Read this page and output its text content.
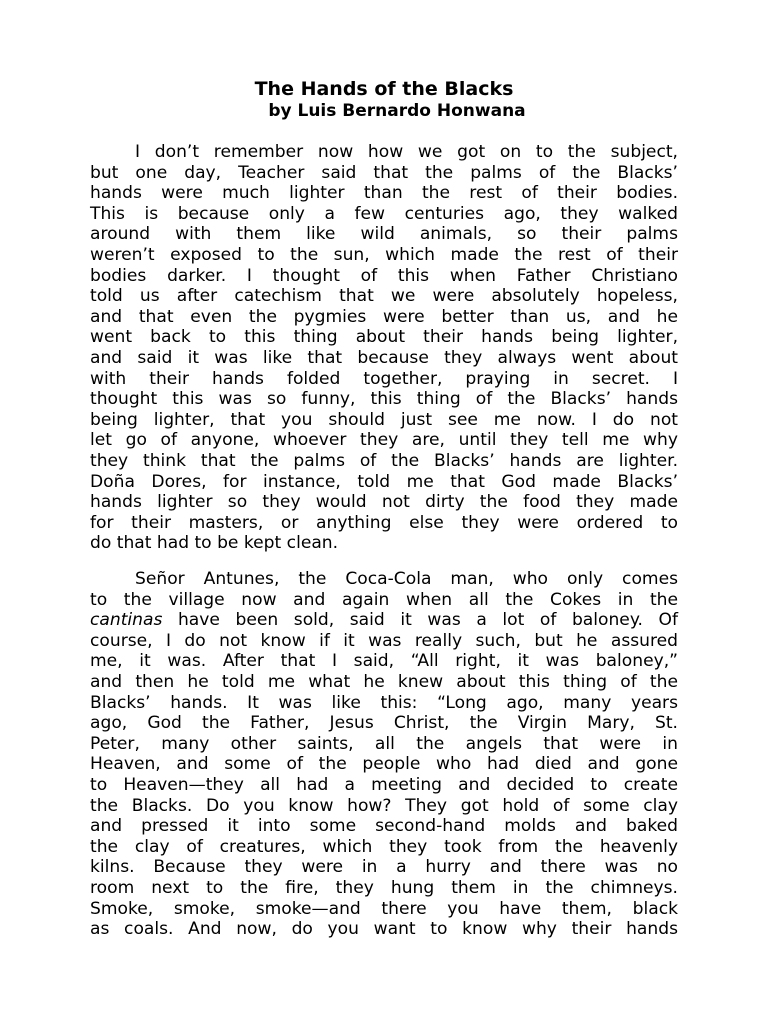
The Hands of the Blacks
by Luis Bernardo Honwana
I don’t remember now how we got on to the subject,
but one day, Teacher said that the palms of the Blacks’
hands were much lighter than the rest of their bodies.
This is because only a few centuries ago, they walked
around with them like wild animals, so their palms
weren’t exposed to the sun, which made the rest of their
bodies darker. I thought of this when Father Christiano
told us after catechism that we were absolutely hopeless,
and that even the pygmies were better than us, and he
went back to this thing about their hands being lighter,
and said it was like that because they always went about
with their hands folded together, praying in secret. I
thought this was so funny, this thing of the Blacks’ hands
being lighter, that you should just see me now. I do not
let go of anyone, whoever they are, until they tell me why
they think that the palms of the Blacks’ hands are lighter.
Doña Dores, for instance, told me that God made Blacks’
hands lighter so they would not dirty the food they made
for their masters, or anything else they were ordered to
do that had to be kept clean.
Señor Antunes, the Coca-Cola man, who only comes
to the village now and again when all the Cokes in the
cantinas have been sold, said it was a lot of baloney. Of
course, I do not know if it was really such, but he assured
me, it was. After that I said, “All right, it was baloney,”
and then he told me what he knew about this thing of the
Blacks’ hands. It was like this: “Long ago, many years
ago, God the Father, Jesus Christ, the Virgin Mary, St.
Peter, many other saints, all the angels that were in
Heaven, and some of the people who had died and gone
to Heaven—they all had a meeting and decided to create
the Blacks. Do you know how? They got hold of some clay
and pressed it into some second-hand molds and baked
the clay of creatures, which they took from the heavenly
kilns. Because they were in a hurry and there was no
room next to the fire, they hung them in the chimneys.
Smoke, smoke, smoke—and there you have them, black
as coals. And now, do you want to know why their hands
